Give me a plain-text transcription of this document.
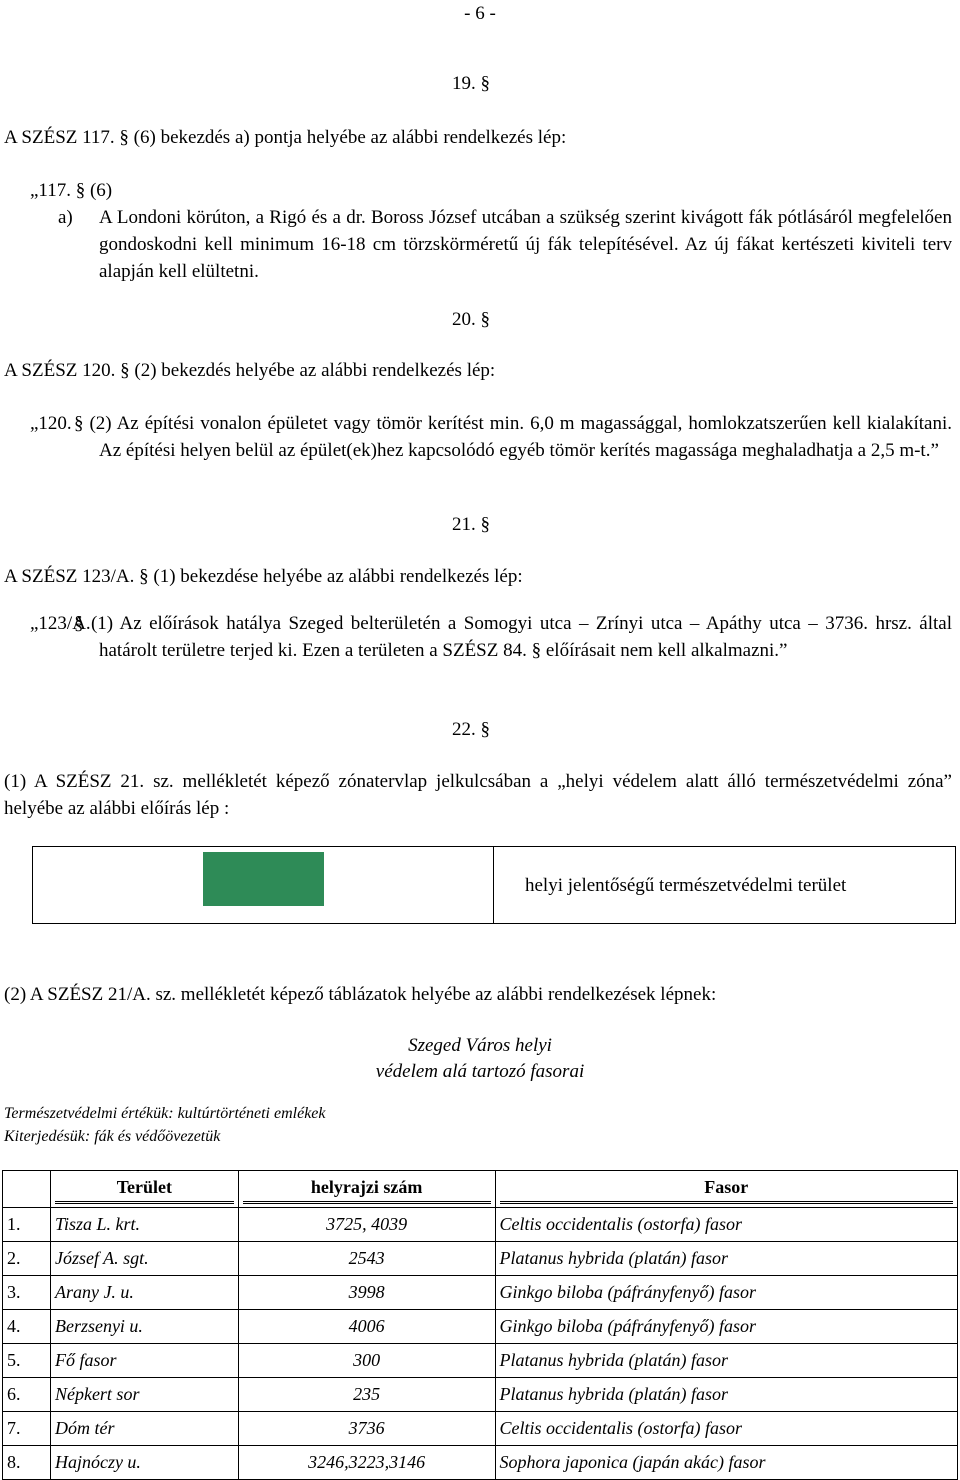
- 6 -
19. §
A SZÉSZ 117. § (6) bekezdés a) pontja helyébe az alábbi rendelkezés lép:
„117. § (6)
a) A Londoni körúton, a Rigó és a dr. Boross József utcában a szükség szerint kivágott fák pótlásáról megfelelően gondoskodni kell minimum 16-18 cm törzskörméretű új fák telepítésével. Az új fákat kertészeti kiviteli terv alapján kell elültetni.
20. §
A SZÉSZ 120. § (2) bekezdés helyébe az alábbi rendelkezés lép:
„120. § (2) Az építési vonalon épületet vagy tömör kerítést min. 6,0 m magassággal, homlokzatszerűen kell kialakítani. Az építési helyen belül az épület(ek)hez kapcsolódó egyéb tömör kerítés magassága meghaladhatja a 2,5 m-t.”
21. §
A SZÉSZ 123/A. § (1) bekezdése helyébe az alábbi rendelkezés lép:
„123/A.
§ (1) Az előírások hatálya Szeged belterületén a Somogyi utca – Zrínyi utca – Apáthy utca – 3736. hrsz. által határolt területre terjed ki. Ezen a területen a SZÉSZ 84. § előírásait nem kell alkalmazni.”
22. §
(1) A SZÉSZ 21. sz. mellékletét képező zónatervlap jelkulcsában a „helyi védelem alatt álló természetvédelmi zóna” helyébe az alábbi előírás lép :
helyi jelentőségű természetvédelmi terület
(2) A SZÉSZ 21/A. sz. mellékletét képező táblázatok helyébe az alábbi rendelkezések lépnek:
Szeged Város helyi
védelem alá tartozó fasorai
Természetvédelmi értékük: kultúrtörténeti emlékek
Kiterjedésük: fák és védőövezetük
	Terület	helyrajzi szám	Fasor
1.	Tisza L. krt.	3725, 4039	Celtis occidentalis (ostorfa) fasor
2.	József A. sgt.	2543	Platanus hybrida (platán) fasor
3.	Arany J. u.	3998	Ginkgo biloba (páfrányfenyő) fasor
4.	Berzsenyi u.	4006	Ginkgo biloba (páfrányfenyő) fasor
5.	Fő fasor	300	Platanus hybrida (platán) fasor
6.	Népkert sor	235	Platanus hybrida (platán) fasor
7.	Dóm tér	3736	Celtis occidentalis (ostorfa) fasor
8.	Hajnóczy u.	3246,3223,3146	Sophora japonica (japán akác) fasor
